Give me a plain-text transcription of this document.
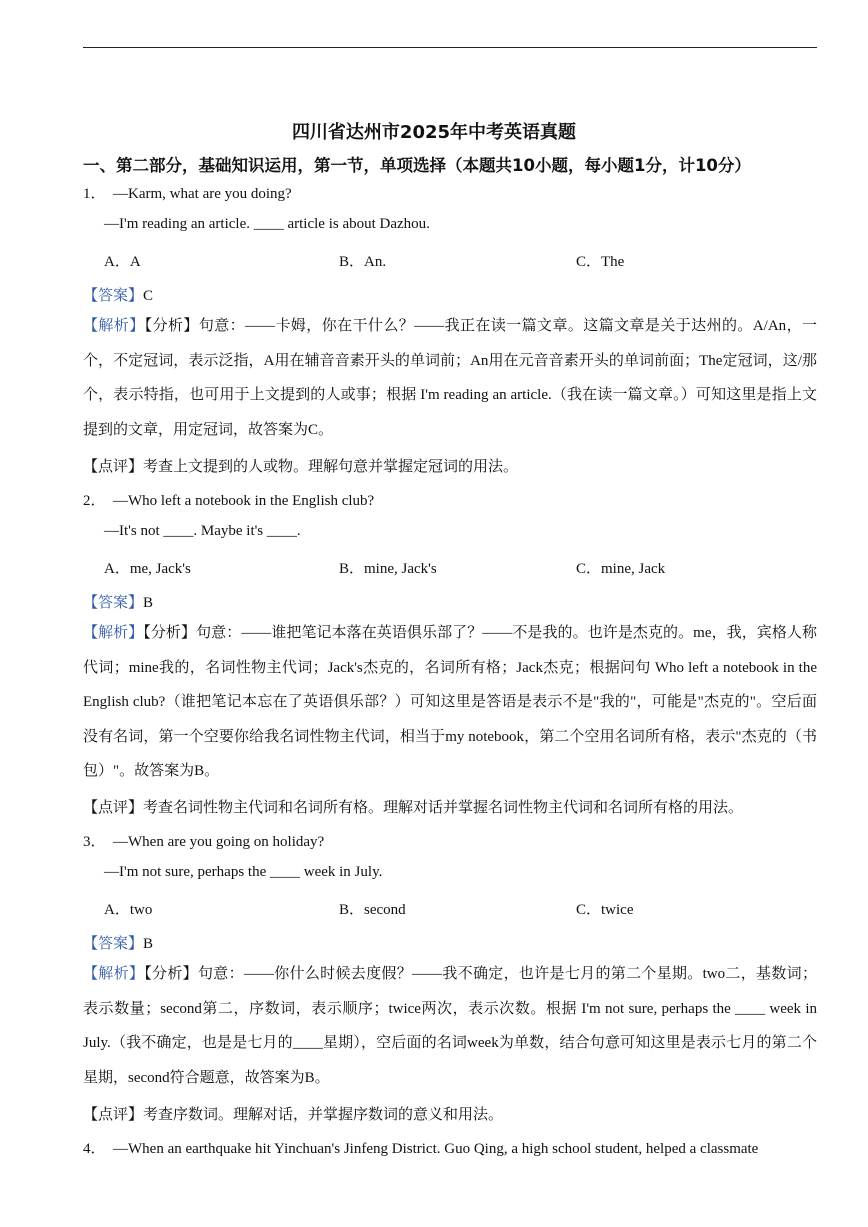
四川省达州市2025年中考英语真题
一、第二部分，基础知识运用，第一节，单项选择（本题共10小题，每小题1分，计10分）
1． —Karm, what are you doing?
—I'm reading an article. ____ article is about Dazhou.
A．A	B．An.	C．The
【答案】C
【解析】【分析】句意：——卡姆，你在干什么？——我正在读一篇文章。这篇文章是关于达州的。A/An，一个，不定冠词，表示泛指，A用在辅音音素开头的单词前；An用在元音音素开头的单词前面；The定冠词，这/那个，表示特指，也可用于上文提到的人或事；根据 I'm reading an article.（我在读一篇文章。）可知这里是指上文提到的文章，用定冠词，故答案为C。
【点评】考查上文提到的人或物。理解句意并掌握定冠词的用法。
2． —Who left a notebook in the English club?
—It's not ____. Maybe it's ____.
A．me, Jack's	B．mine, Jack's	C．mine, Jack
【答案】B
【解析】【分析】句意：——谁把笔记本落在英语俱乐部了？——不是我的。也许是杰克的。me，我，宾格人称代词；mine我的，名词性物主代词；Jack's杰克的，名词所有格；Jack杰克；根据问句 Who left a notebook in the English club?（谁把笔记本忘在了英语俱乐部？）可知这里是答语是表示不是"我的"，可能是"杰克的"。空后面没有名词，第一个空要你给我名词性物主代词，相当于my notebook，第二个空用名词所有格，表示"杰克的（书包）"。故答案为B。
【点评】考查名词性物主代词和名词所有格。理解对话并掌握名词性物主代词和名词所有格的用法。
3． —When are you going on holiday?
—I'm not sure, perhaps the ____ week in July.
A．two	B．second	C．twice
【答案】B
【解析】【分析】句意：——你什么时候去度假？——我不确定，也许是七月的第二个星期。two二，基数词；表示数量；second第二，序数词，表示顺序；twice两次，表示次数。根据 I'm not sure, perhaps the ____ week in July.（我不确定，也是是七月的____星期），空后面的名词week为单数，结合句意可知这里是表示七月的第二个星期，second符合题意，故答案为B。
【点评】考查序数词。理解对话，并掌握序数词的意义和用法。
4． —When an earthquake hit Yinchuan's Jinfeng District. Guo Qing, a high school student, helped a classmate
